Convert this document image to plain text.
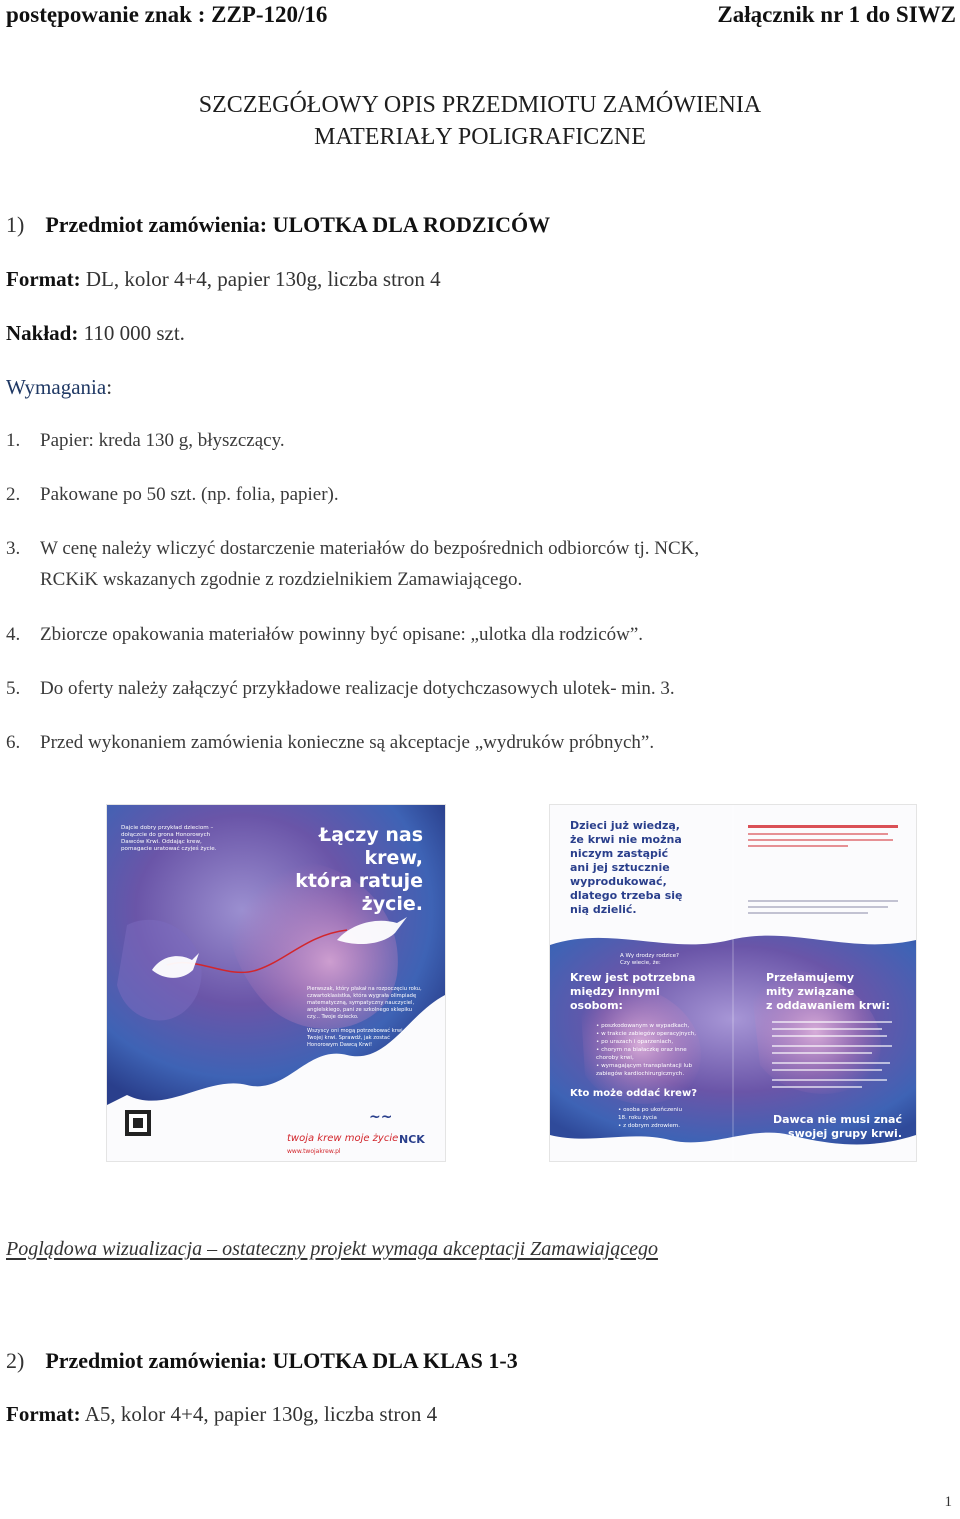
postępowanie znak : ZZP-120/16	Załącznik nr 1 do SIWZ
SZCZEGÓŁOWY OPIS PRZEDMIOTU ZAMÓWIENIA
MATERIAŁY POLIGRAFICZNE
1) Przedmiot zamówienia: ULOTKA DLA RODZICÓW
Format: DL, kolor 4+4, papier 130g, liczba stron 4
Nakład: 110 000 szt.
Wymagania:
1. Papier: kreda 130 g, błyszczący.
2. Pakowane po 50 szt. (np. folia, papier).
3. W cenę należy wliczyć dostarczenie materiałów do bezpośrednich odbiorców tj. NCK,
RCKiK wskazanych zgodnie z rozdzielnikiem Zamawiającego.
4. Zbiorcze opakowania materiałów powinny być opisane: „ulotka dla rodziców”.
5. Do oferty należy załączyć przykładowe realizacje dotychczasowych ulotek- min. 3.
6. Przed wykonaniem zamówienia konieczne są akceptacje „wydruków próbnych”.
~~
twoja krew moje życie
www.twojakrew.pl
NCK
Dajcie dobry przykład dzieciom –
dołączcie do grona Honorowych
Dawców Krwi. Oddając krew,
pomagacie uratować czyjeś życie.
Łączy nas
krew,
która ratuje
życie.
Pierwszak, który płakał na rozpoczęciu roku,
czwartoklasistka, która wygrała olimpiadę
matematyczną, sympatyczny nauczyciel,
angielskiego, pani ze szkolnego sklepiku
czy... Twoje dziecko.
Wszyscy oni mogą potrzebować krwi.
Twojej krwi. Sprawdź, jak zostać
Honorowym Dawcą Krwi!
Dzieci już wiedzą,
że krwi nie można
niczym zastąpić
ani jej sztucznie
wyprodukować,
dlatego trzeba się
nią dzielić.
A Wy drodzy rodzice?
Czy wiecie, że:
Krew jest potrzebna
między innymi
osobom:
• poszkodowanym w wypadkach,
• w trakcie zabiegów operacyjnych,
• po urazach i oparzeniach,
• chorym na białaczkę oraz inne
choroby krwi,
• wymagającym transplantacji lub
zabiegów kardiochirurgicznych.
Kto może oddać krew?
• osoba po ukończeniu
18. roku życia
• z dobrym zdrowiem.
Przełamujemy
mity związane
z oddawaniem krwi:
Dawca nie musi znać
swojej grupy krwi.
Poglądowa wizualizacja – ostateczny projekt wymaga akceptacji Zamawiającego
2) Przedmiot zamówienia: ULOTKA DLA KLAS 1-3
Format: A5, kolor 4+4, papier 130g, liczba stron 4
1
